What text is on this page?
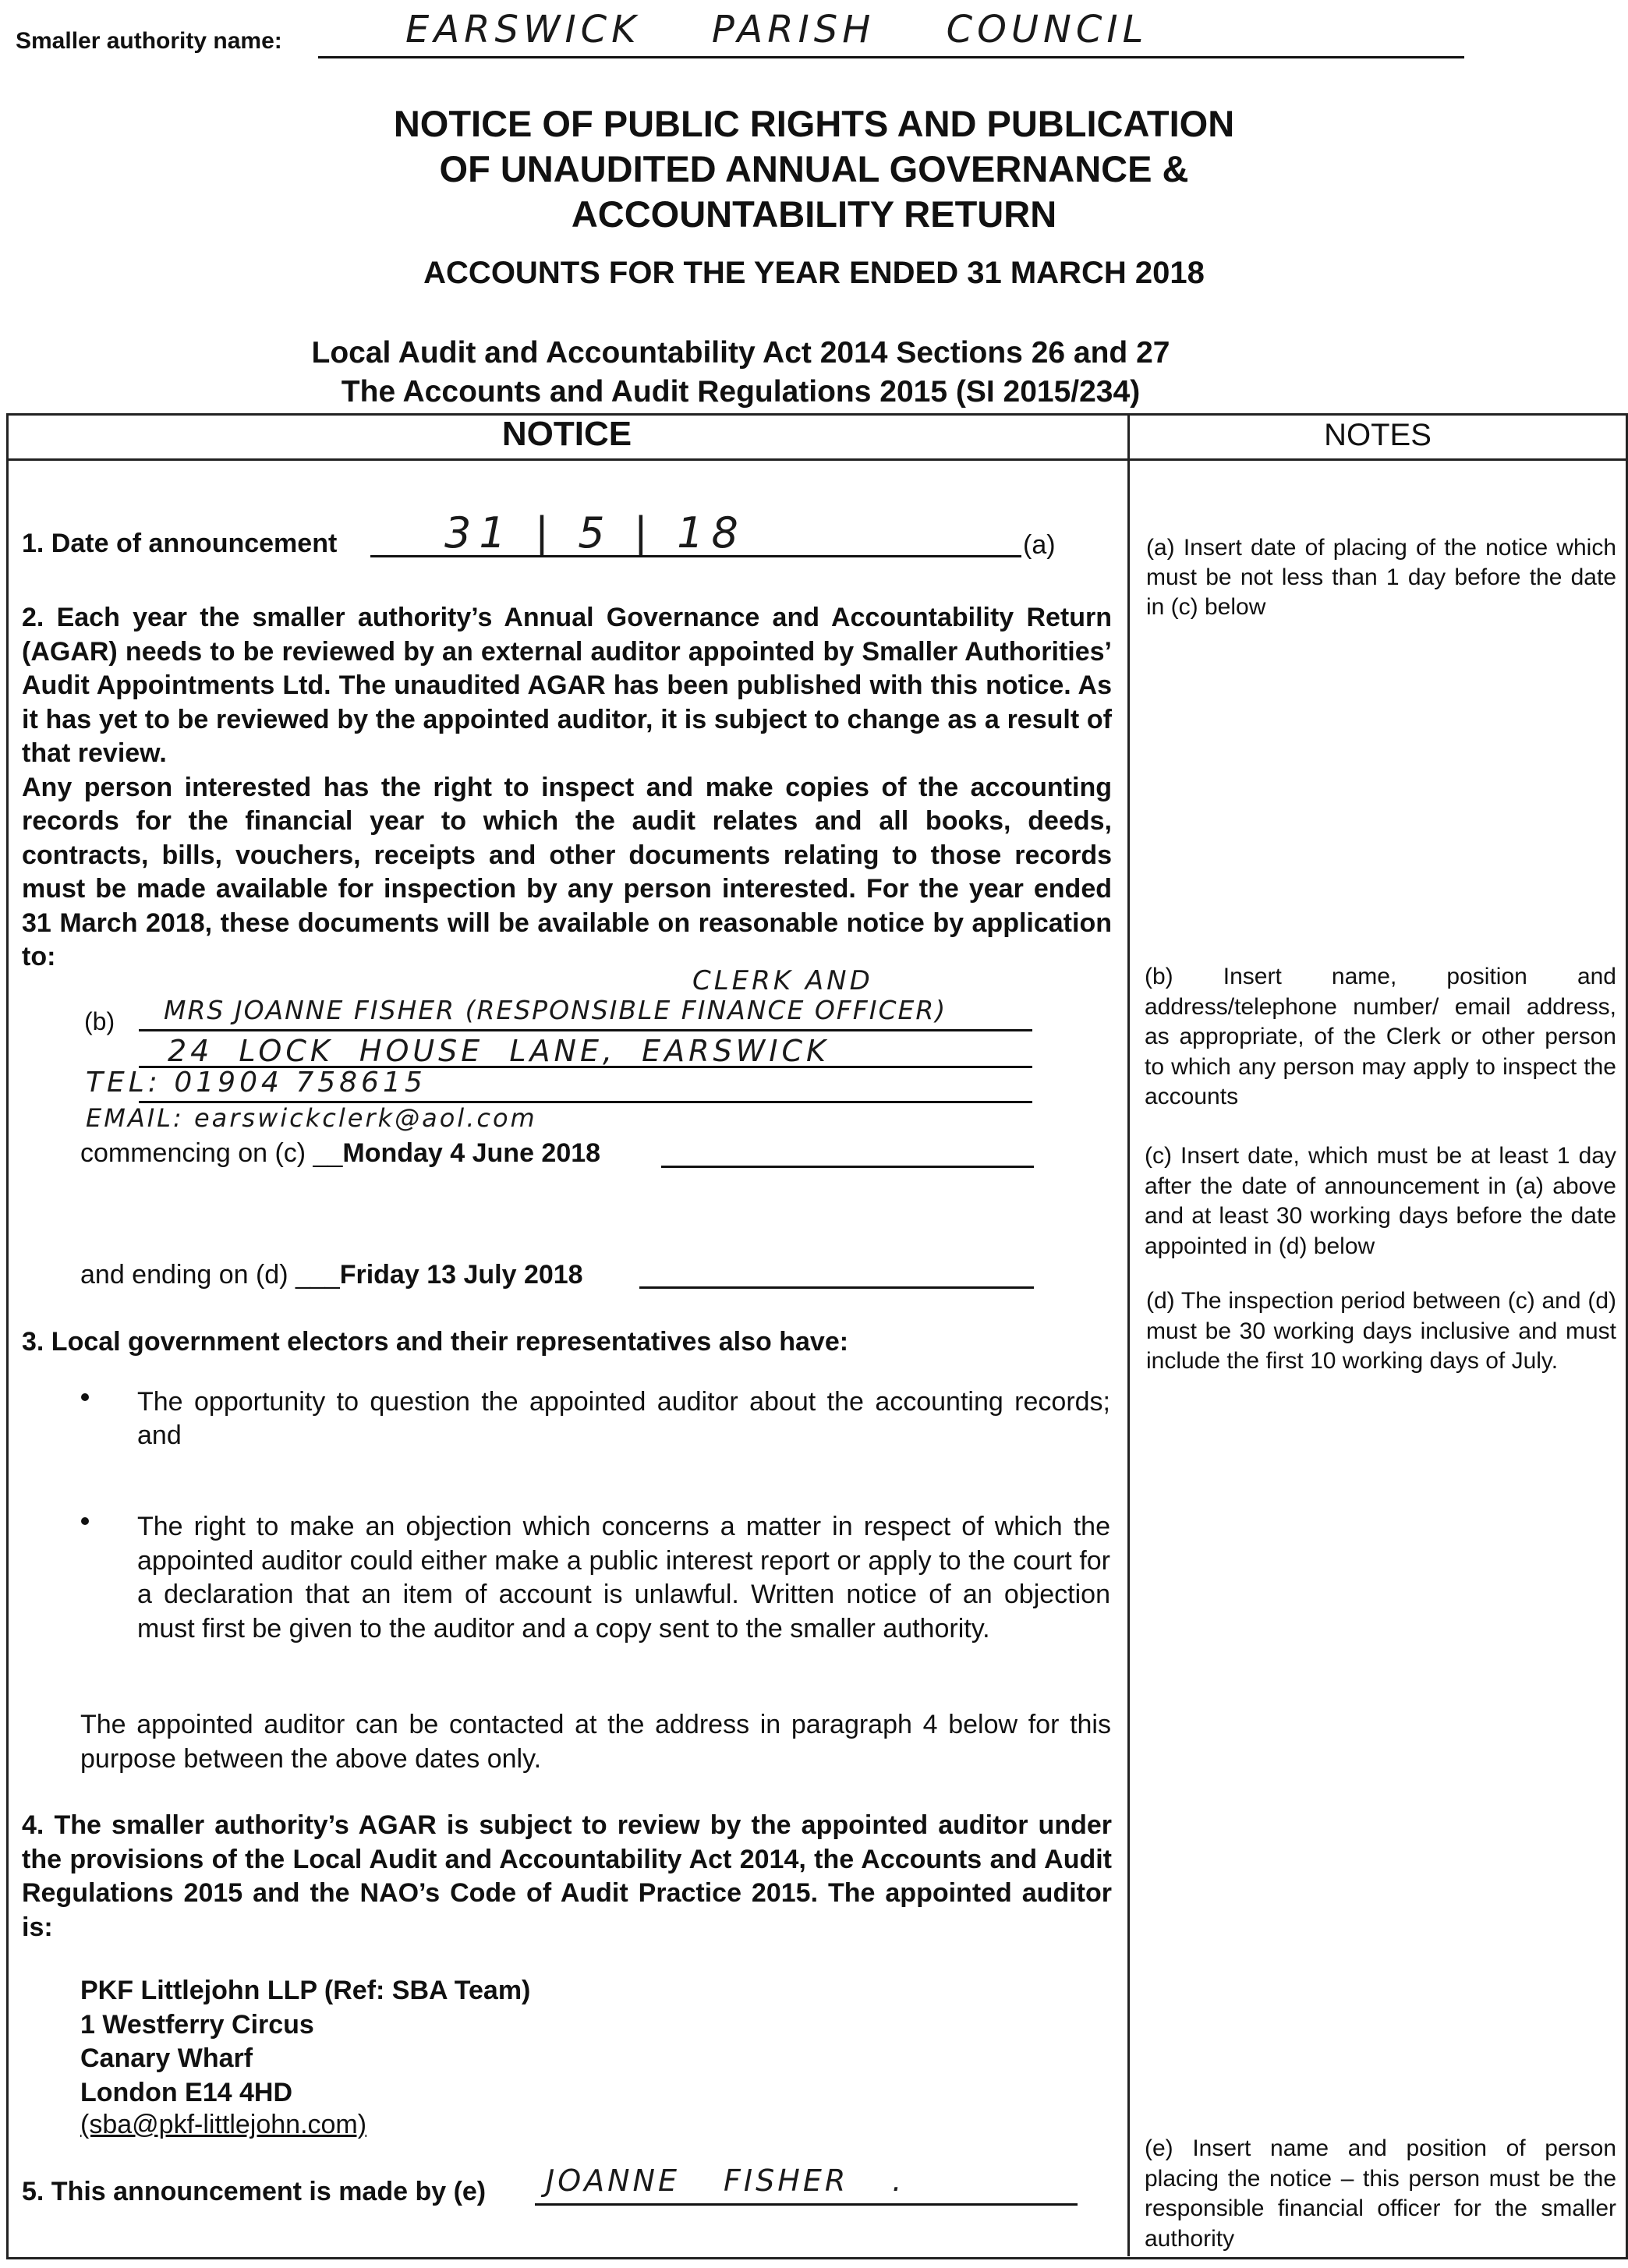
Smaller authority name:	EARSWICK PARISH COUNCIL
NOTICE OF PUBLIC RIGHTS AND PUBLICATION
OF UNAUDITED ANNUAL GOVERNANCE &
ACCOUNTABILITY RETURN
ACCOUNTS FOR THE YEAR ENDED 31 MARCH 2018
Local Audit and Accountability Act 2014 Sections 26 and 27
The Accounts and Audit Regulations 2015 (SI 2015/234)
NOTICE	NOTES
1. Date of announcement	31 | 5 | 18	(a)

2. Each year the smaller authority’s Annual Governance and Accountability Return (AGAR) needs to be reviewed by an external auditor appointed by Smaller Authorities’ Audit Appointments Ltd. The unaudited AGAR has been published with this notice. As it has yet to be reviewed by the appointed auditor, it is subject to change as a result of that review.

Any person interested has the right to inspect and make copies of the accounting records for the financial year to which the audit relates and all books, deeds, contracts, bills, vouchers, receipts and other documents relating to those records must be made available for inspection by any person interested. For the year ended 31 March 2018, these documents will be available on reasonable notice by application to:

(b)
CLERK AND
MRS JOANNE FISHER (RESPONSIBLE FINANCE OFFICER)
24 LOCK HOUSE LANE, EARSWICK
TEL: 01904 758615
EMAIL: earswickclerk@aol.com
commencing on (c) __Monday 4 June 2018
and ending on (d) ___Friday 13 July 2018
3. Local government electors and their representatives also have:
The opportunity to question the appointed auditor about the accounting records; and
The right to make an objection which concerns a matter in respect of which the appointed auditor could either make a public interest report or apply to the court for a declaration that an item of account is unlawful. Written notice of an objection must first be given to the auditor and a copy sent to the smaller authority.
The appointed auditor can be contacted at the address in paragraph 4 below for this purpose between the above dates only.
4. The smaller authority’s AGAR is subject to review by the appointed auditor under the provisions of the Local Audit and Accountability Act 2014, the Accounts and Audit Regulations 2015 and the NAO’s Code of Audit Practice 2015. The appointed auditor is:
PKF Littlejohn LLP (Ref: SBA Team)
1 Westferry Circus
Canary Wharf
London E14 4HD
(sba@pkf-littlejohn.com)
5. This announcement is made by (e) JOANNE FISHER .
(a) Insert date of placing of the notice which must be not less than 1 day before the date in (c) below
(b) Insert name, position and address/telephone number/ email address, as appropriate, of the Clerk or other person to which any person may apply to inspect the accounts
(c) Insert date, which must be at least 1 day after the date of announcement in (a) above and at least 30 working days before the date appointed in (d) below
(d) The inspection period between (c) and (d) must be 30 working days inclusive and must include the first 10 working days of July.
(e) Insert name and position of person placing the notice – this person must be the responsible financial officer for the smaller authority
